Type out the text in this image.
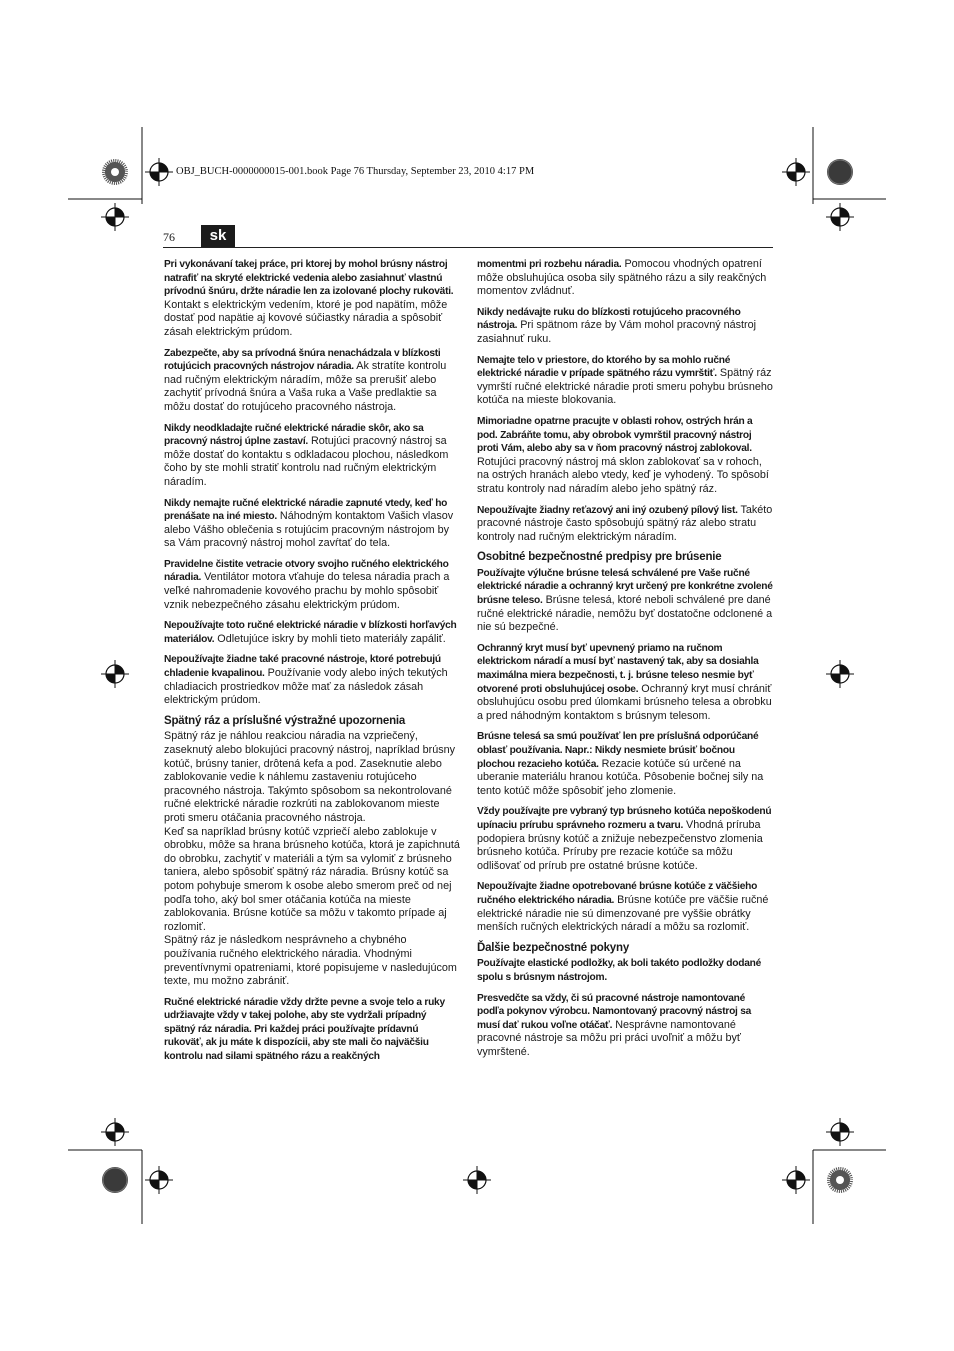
OBJ_BUCH-0000000015-001.book Page 76 Thursday, September 23, 2010 4:17 PM
76	sk

Pri vykonávaní takej práce, pri ktorej by mohol brúsny nástroj natrafiť na skryté elektrické vedenia alebo zasiahnuť vlastnú prívodnú šnúru, držte náradie len za izolované plochy rukoväti. Kontakt s elektrickým vedením, ktoré je pod napätím, môže dostať pod napätie aj kovové súčiastky náradia a spôsobiť zásah elektrickým prúdom.

Zabezpečte, aby sa prívodná šnúra nenachádzala v blízkosti rotujúcich pracovných nástrojov náradia. Ak stratíte kontrolu nad ručným elektrickým náradím, môže sa prerušiť alebo zachytiť prívodná šnúra a Vaša ruka a Vaše predlaktie sa môžu dostať do rotujúceho pracovného nástroja.

Nikdy neodkladajte ručné elektrické náradie skôr, ako sa pracovný nástroj úplne zastaví. Rotujúci pracovný nástroj sa môže dostať do kontaktu s odkladacou plochou, následkom čoho by ste mohli stratiť kontrolu nad ručným elektrickým náradím.

Nikdy nemajte ručné elektrické náradie zapnuté vtedy, keď ho prenášate na iné miesto. Náhodným kontaktom Vašich vlasov alebo Vášho oblečenia s rotujúcim pracovným nástrojom by sa Vám pracovný nástroj mohol zavŕtať do tela.

Pravidelne čistite vetracie otvory svojho ručného elektrického náradia. Ventilátor motora vťahuje do telesa náradia prach a veľké nahromadenie kovového prachu by mohlo spôsobiť vznik nebezpečného zásahu elektrickým prúdom.

Nepoužívajte toto ručné elektrické náradie v blízkosti horľavých materiálov. Odletujúce iskry by mohli tieto materiály zapáliť.

Nepoužívajte žiadne také pracovné nástroje, ktoré potrebujú chladenie kvapalinou. Používanie vody alebo iných tekutých chladiacich prostriedkov môže mať za následok zásah elektrickým prúdom.

Spätný ráz a príslušné výstražné upozornenia

Spätný ráz je náhlou reakciou náradia na vzpriečený, zaseknutý alebo blokujúci pracovný nástroj, napríklad brúsny kotúč, brúsny tanier, drôtená kefa a pod. Zaseknutie alebo zablokovanie vedie k náhlemu zastaveniu rotujúceho pracovného nástroja. Takýmto spôsobom sa nekontrolované ručné elektrické náradie rozkrúti na zablokovanom mieste proti smeru otáčania pracovného nástroja.

Keď sa napríklad brúsny kotúč vzpriečí alebo zablokuje v obrobku, môže sa hrana brúsneho kotúča, ktorá je zapichnutá do obrobku, zachytiť v materiáli a tým sa vylomiť z brúsneho taniera, alebo spôsobiť spätný ráz náradia. Brúsny kotúč sa potom pohybuje smerom k osobe alebo smerom preč od nej podľa toho, aký bol smer otáčania kotúča na mieste zablokovania. Brúsne kotúče sa môžu v takomto prípade aj rozlomiť.

Spätný ráz je následkom nesprávneho a chybného používania ručného elektrického náradia. Vhodnými preventívnymi opatreniami, ktoré popisujeme v nasledujúcom texte, mu možno zabrániť.

Ručné elektrické náradie vždy držte pevne a svoje telo a ruky udržiavajte vždy v takej polohe, aby ste vydržali prípadný spätný ráz náradia. Pri každej práci používajte prídavnú rukoväť, ak ju máte k dispozícii, aby ste mali čo najväčšiu kontrolu nad silami spätného rázu a reakčných

momentmi pri rozbehu náradia. Pomocou vhodných opatrení môže obsluhujúca osoba sily spätného rázu a sily reakčných momentov zvládnuť.

Nikdy nedávajte ruku do blízkosti rotujúceho pracovného nástroja. Pri spätnom ráze by Vám mohol pracovný nástroj zasiahnuť ruku.

Nemajte telo v priestore, do ktorého by sa mohlo ručné elektrické náradie v prípade spätného rázu vymrštiť. Spätný ráz vymrští ručné elektrické náradie proti smeru pohybu brúsneho kotúča na mieste blokovania.

Mimoriadne opatrne pracujte v oblasti rohov, ostrých hrán a pod. Zabráňte tomu, aby obrobok vymrštil pracovný nástroj proti Vám, alebo aby sa v ňom pracovný nástroj zablokoval. Rotujúci pracovný nástroj má sklon zablokovať sa v rohoch, na ostrých hranách alebo vtedy, keď je vyhodený. To spôsobí stratu kontroly nad náradím alebo jeho spätný ráz.

Nepoužívajte žiadny reťazový ani iný ozubený pílový list. Takéto pracovné nástroje často spôsobujú spätný ráz alebo stratu kontroly nad ručným elektrickým náradím.

Osobitné bezpečnostné predpisy pre brúsenie

Používajte výlučne brúsne telesá schválené pre Vaše ručné elektrické náradie a ochranný kryt určený pre konkrétne zvolené brúsne teleso. Brúsne telesá, ktoré neboli schválené pre dané ručné elektrické náradie, nemôžu byť dostatočne odclonené a nie sú bezpečné.

Ochranný kryt musí byť upevnený priamo na ručnom elektrickom náradí a musí byť nastavený tak, aby sa dosiahla maximálna miera bezpečnosti, t. j. brúsne teleso nesmie byť otvorené proti obsluhujúcej osobe. Ochranný kryt musí chrániť obsluhujúcu osobu pred úlomkami brúsneho telesa a obrobku a pred náhodným kontaktom s brúsnym telesom.

Brúsne telesá sa smú používať len pre príslušná odporúčané oblasť používania. Napr.: Nikdy nesmiete brúsiť bočnou plochou rezacieho kotúča. Rezacie kotúče sú určené na uberanie materiálu hranou kotúča. Pôsobenie bočnej sily na tento kotúč môže spôsobiť jeho zlomenie.

Vždy používajte pre vybraný typ brúsneho kotúča nepoškodenú upínaciu prírubu správneho rozmeru a tvaru. Vhodná príruba podopiera brúsny kotúč a znižuje nebezpečenstvo zlomenia brúsneho kotúča. Príruby pre rezacie kotúče sa môžu odlišovať od prírub pre ostatné brúsne kotúče.

Nepoužívajte žiadne opotrebované brúsne kotúče z väčšieho ručného elektrického náradia. Brúsne kotúče pre väčšie ručné elektrické náradie nie sú dimenzované pre vyššie obrátky menších ručných elektrických náradí a môžu sa rozlomiť.

Ďalšie bezpečnostné pokyny

Používajte elastické podložky, ak boli takéto podložky dodané spolu s brúsnym nástrojom.

Presvedčte sa vždy, či sú pracovné nástroje namontované podľa pokynov výrobcu. Namontovaný pracovný nástroj sa musí dať rukou voľne otáčať. Nesprávne namontované pracovné nástroje sa môžu pri práci uvoľniť a môžu byť vymrštené.
